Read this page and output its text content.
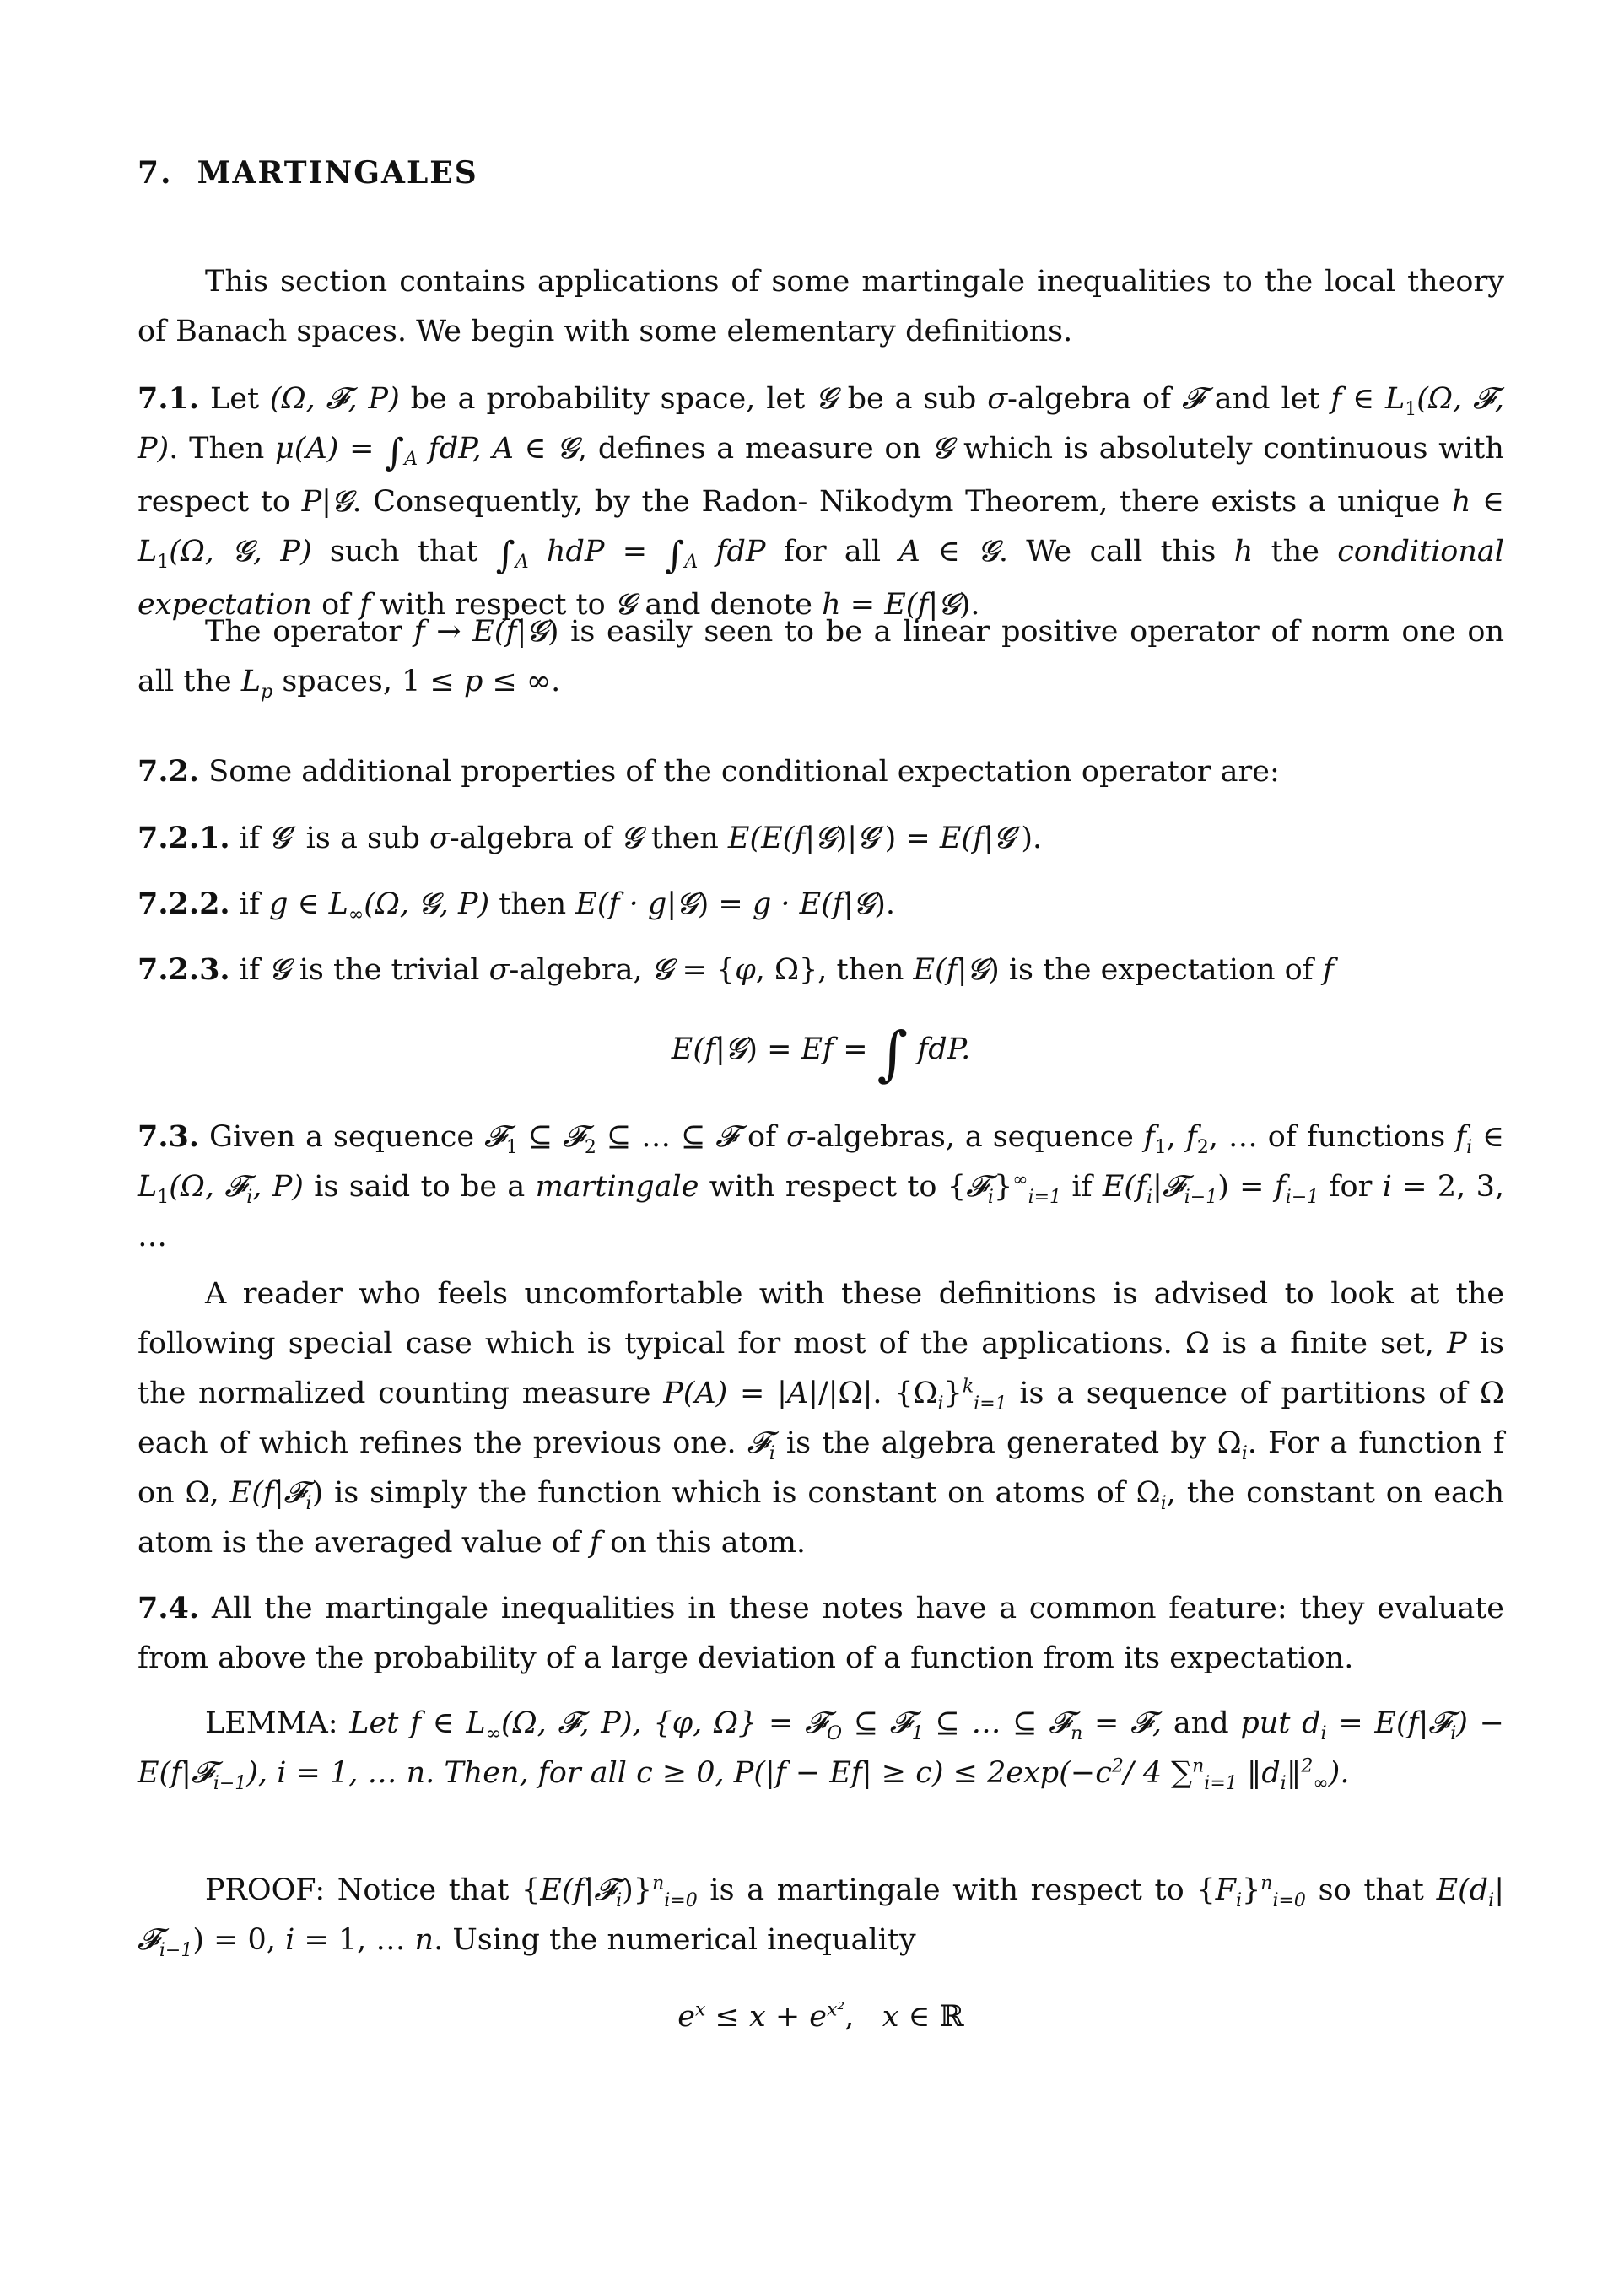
7. MARTINGALES
This section contains applications of some martingale inequalities to the local theory of Banach spaces. We begin with some elementary definitions.
7.1. Let (Ω, 𝓕, P) be a probability space, let 𝓖 be a sub σ-algebra of 𝓕 and let f ∈ $L_1(\Omega$, 𝓕, P). Then $\mu(A) = \int_A$ fdP, A ∈ 𝓖, defines a measure on 𝓖 which is absolutely continuous with respect to P|𝓖. Consequently, by the Radon- Nikodym Theorem, there exists a unique h ∈ $L_1(\Omega$, 𝓖, P) such that $\int_A$ hdP = $\int_A$ fdP for all A ∈ 𝓖. We call this h the conditional expectation of f with respect to 𝓖 and denote h = E(f|𝓖).
The operator f → E(f|𝓖) is easily seen to be a linear positive operator of norm one on all the $L_p$ spaces, 1 ≤ p ≤ ∞.
7.2. Some additional properties of the conditional expectation operator are:
7.2.1. if 𝓖′ is a sub σ-algebra of 𝓖 then E(E(f|𝓖)|𝓖′) = E(f|𝓖′).
7.2.2. if g ∈ $L_\infty(\Omega$, 𝓖, P) then E(f · g|𝓖) = g · E(f|𝓖).
7.2.3. if 𝓖 is the trivial σ-algebra, 𝓖 = {φ, Ω}, then E(f|𝓖) is the expectation of f
E(f|𝓖) = Ef = ∫ fdP.
7.3. Given a sequence 𝓕$_1$ ⊆ 𝓕$_2$ ⊆ … ⊆ 𝓕 of σ-algebras, a sequence $f_1$, $f_2$, … of functions $f_i$ ∈ $L_1(\Omega$, 𝓕$_i$, P) is said to be a martingale with respect to $\{𝓕_i\}^\infty_{i=1}$ if $E(f_i|𝓕_{i-1}) = f_{i-1}$ for i = 2, 3, …
A reader who feels uncomfortable with these definitions is advised to look at the following special case which is typical for most of the applications. Ω is a finite set, P is the normalized counting measure P(A) = |A|/|Ω|. $\{\Omega_i\}^k_{i=1}$ is a sequence of partitions of Ω each of which refines the previous one. 𝓕$_i$ is the algebra generated by $\Omega_i$. For a function f on Ω, E(f|𝓕$_i$) is simply the function which is constant on atoms of $\Omega_i$, the constant on each atom is the averaged value of f on this atom.
7.4. All the martingale inequalities in these notes have a common feature: they evaluate from above the probability of a large deviation of a function from its expectation.
LEMMA: Let f ∈ $L_\infty(\Omega$, 𝓕, P), {φ, Ω} = 𝓕$_O$ ⊆ 𝓕$_1$ ⊆ … ⊆ 𝓕$_n$ = 𝓕, and put $d_i$ = E(f|𝓕$_i$) − E(f|𝓕$_{i-1}$), i = 1, … n. Then, for all c ≥ 0, $P(|f - Ef| \ge c) \le 2\exp(-c^2/$ 4 ∑$^n_{i=1}$ $‖d_i‖^2_\infty$).
PROOF: Notice that {E(f|𝓕$_i$)}$^n_{i=0}$ is a martingale with respect to $\{F_i\}^n_{i=0}$ so that $E(d_i|𝓕_{i-1}) = 0$, i = 1, … n. Using the numerical inequality
$e^x \le x + e^{x^2}$,   x ∈ ℝ
